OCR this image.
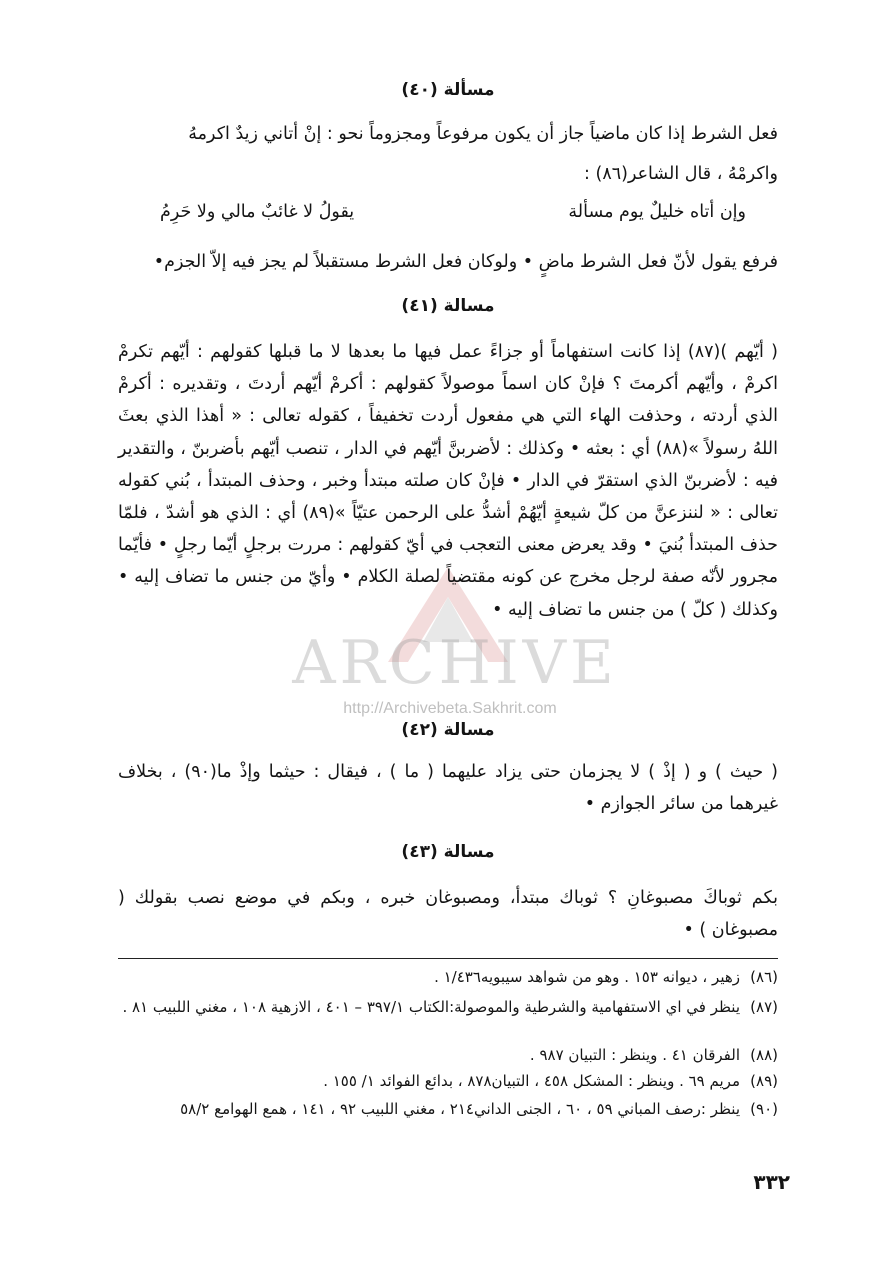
ARCHIVE
http://Archivebeta.Sakhrit.com
مسألة (٤٠)
فعل الشرط إذا كان ماضياً جاز أن يكون مرفوعاً ومجزوماً نحو : إنْ أتاني زيدٌ اكرمهُ
واكرمْهُ ، قال الشاعر(٨٦) :
وإن أتاه خليلٌ يوم مسألة
يقولُ لا غائبٌ مالي ولا حَرِمُ
فرفع يقول لأنّ فعل الشرط ماضٍ • ولوكان فعل الشرط مستقبلاً لم يجز فيه إلاّ الجزم•
مسالة (٤١)
( أيّهم )(٨٧) إذا كانت استفهاماً أو جزاءً عمل فيها ما بعدها لا ما قبلها كقولهم : أيّهم تكرمْ اكرمْ ، وأيّهم أكرمتَ ؟ فإنْ كان اسماً موصولاً كقولهم : أكرمْ أيّهم أردتَ ، وتقديره : أكرمْ الذي أردته ، وحذفت الهاء التي هي مفعول أردت تخفيفاً ، كقوله تعالى : « أهذا الذي بعثَ اللهُ رسولاً »(٨٨) أي : بعثه • وكذلك : لأضربنَّ أيّهم في الدار ، تنصب أيّهم بأضربنّ ، والتقدير فيه : لأضربنّ الذي استقرّ في الدار • فإنْ كان صلته مبتدأ وخبر ، وحذف المبتدأ ، بُني كقوله تعالى : « لننزعنَّ من كلّ شيعةٍ أيّهُمْ أشدُّ على الرحمن عتيّاً »(٨٩) أي : الذي هو أشدّ ، فلمّا حذف المبتدأ بُنيَ • وقد يعرض معنى التعجب في أيّ كقولهم : مررت برجلٍ أيّما رجلٍ • فأيّما مجرور لأنّه صفة لرجل مخرج عن كونه مقتضياً لصلة الكلام • وأيّ من جنس ما تضاف إليه • وكذلك ( كلّ ) من جنس ما تضاف إليه •
مسالة (٤٢)
( حيث ) و ( إذْ ) لا يجزمان حتى يزاد عليهما ( ما ) ، فيقال : حيثما وإذْ ما(٩٠) ، بخلاف غيرهما من سائر الجوازم •
مسالة (٤٣)
بكم ثوباكَ مصبوغانِ ؟ ثوباك مبتدأ، ومصبوغان خبره ، وبكم في موضع نصب بقولك ( مصبوغان ) •
(٨٦)
زهير ، ديوانه ١٥٣ . وهو من شواهد سيبويه١/٤٣٦ .
(٨٧)
ينظر في اي الاستفهامية والشرطية والموصولة:الكتاب ٣٩٧/١ – ٤٠١ ، الازهية ١٠٨ ، مغني اللبيب ٨١ .
(٨٨)
الفرقان ٤١ . وينظر : التبيان ٩٨٧ .
(٨٩)
مريم ٦٩ . وينظر : المشكل ٤٥٨ ، التبيان٨٧٨ ، بدائع الفوائد ١/ ١٥٥ .
(٩٠)
ينظر :رصف المباني ٥٩ ، ٦٠ ، الجنى الداني٢١٤ ، مغني اللبيب ٩٢ ، ١٤١ ، همع الهوامع ٥٨/٢
٣٣٢
